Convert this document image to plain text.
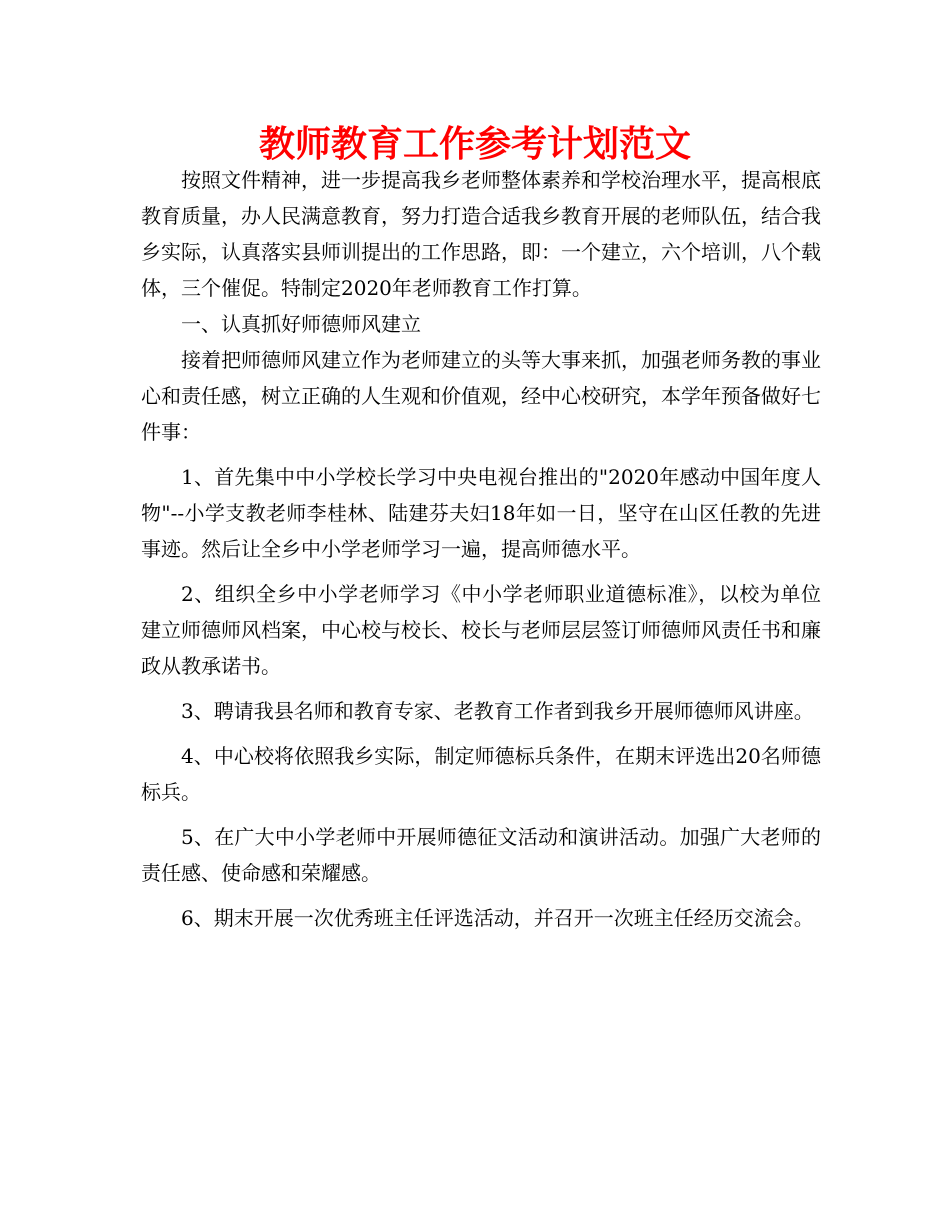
教师教育工作参考计划范文

按照文件精神，进一步提高我乡老师整体素养和学校治理水平，提高根底教育质量，办人民满意教育，努力打造合适我乡教育开展的老师队伍，结合我乡实际，认真落实县师训提出的工作思路，即：一个建立，六个培训，八个载体，三个催促。特制定2020年老师教育工作打算。

一、认真抓好师德师风建立

接着把师德师风建立作为老师建立的头等大事来抓，加强老师务教的事业心和责任感，树立正确的人生观和价值观，经中心校研究，本学年预备做好七件事：

1、首先集中中小学校长学习中央电视台推出的"2020年感动中国年度人物"--小学支教老师李桂林、陆建芬夫妇18年如一日，坚守在山区任教的先进事迹。然后让全乡中小学老师学习一遍，提高师德水平。

2、组织全乡中小学老师学习《中小学老师职业道德标准》，以校为单位建立师德师风档案，中心校与校长、校长与老师层层签订师德师风责任书和廉政从教承诺书。

3、聘请我县名师和教育专家、老教育工作者到我乡开展师德师风讲座。

4、中心校将依照我乡实际，制定师德标兵条件，在期末评选出20名师德标兵。

5、在广大中小学老师中开展师德征文活动和演讲活动。加强广大老师的责任感、使命感和荣耀感。

6、期末开展一次优秀班主任评选活动，并召开一次班主任经历交流会。
